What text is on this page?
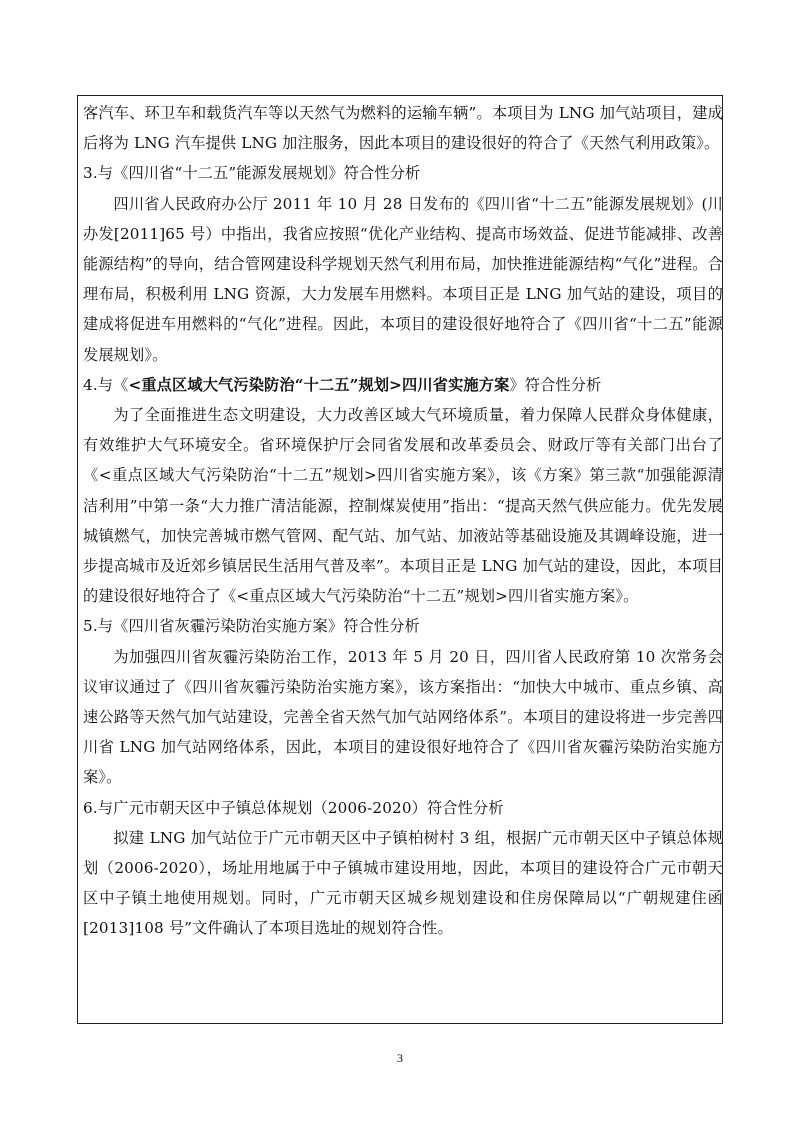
客汽车、环卫车和载货汽车等以天然气为燃料的运输车辆”。本项目为 LNG 加气站项目，建成后将为 LNG 汽车提供 LNG 加注服务，因此本项目的建设很好的符合了《天然气利用政策》。

3.与《四川省“十二五”能源发展规划》符合性分析

四川省人民政府办公厅 2011 年 10 月 28 日发布的《四川省“十二五”能源发展规划》(川办发[2011]65 号）中指出，我省应按照“优化产业结构、提高市场效益、促进节能减排、改善能源结构”的导向，结合管网建设科学规划天然气利用布局，加快推进能源结构“气化”进程。合理布局，积极利用 LNG 资源，大力发展车用燃料。本项目正是 LNG 加气站的建设，项目的建成将促进车用燃料的“气化”进程。因此，本项目的建设很好地符合了《四川省“十二五”能源发展规划》。

4.与《<重点区域大气污染防治“十二五”规划>四川省实施方案》符合性分析

为了全面推进生态文明建设，大力改善区域大气环境质量，着力保障人民群众身体健康，有效维护大气环境安全。省环境保护厅会同省发展和改革委员会、财政厅等有关部门出台了《<重点区域大气污染防治“十二五”规划>四川省实施方案》，该《方案》第三款“加强能源清洁利用”中第一条“大力推广清洁能源，控制煤炭使用”指出：“提高天然气供应能力。优先发展城镇燃气，加快完善城市燃气管网、配气站、加气站、加液站等基础设施及其调峰设施，进一步提高城市及近郊乡镇居民生活用气普及率”。本项目正是 LNG 加气站的建设，因此，本项目的建设很好地符合了《<重点区域大气污染防治“十二五”规划>四川省实施方案》。

5.与《四川省灰霾污染防治实施方案》符合性分析

为加强四川省灰霾污染防治工作，2013 年 5 月 20 日，四川省人民政府第 10 次常务会议审议通过了《四川省灰霾污染防治实施方案》，该方案指出：“加快大中城市、重点乡镇、高速公路等天然气加气站建设，完善全省天然气加气站网络体系”。本项目的建设将进一步完善四川省 LNG 加气站网络体系，因此，本项目的建设很好地符合了《四川省灰霾污染防治实施方案》。

6.与广元市朝天区中子镇总体规划（2006-2020）符合性分析

拟建 LNG 加气站位于广元市朝天区中子镇柏树村 3 组，根据广元市朝天区中子镇总体规划（2006-2020），场址用地属于中子镇城市建设用地，因此，本项目的建设符合广元市朝天区中子镇土地使用规划。同时，广元市朝天区城乡规划建设和住房保障局以“广朝规建住函[2013]108 号”文件确认了本项目选址的规划符合性。

3
